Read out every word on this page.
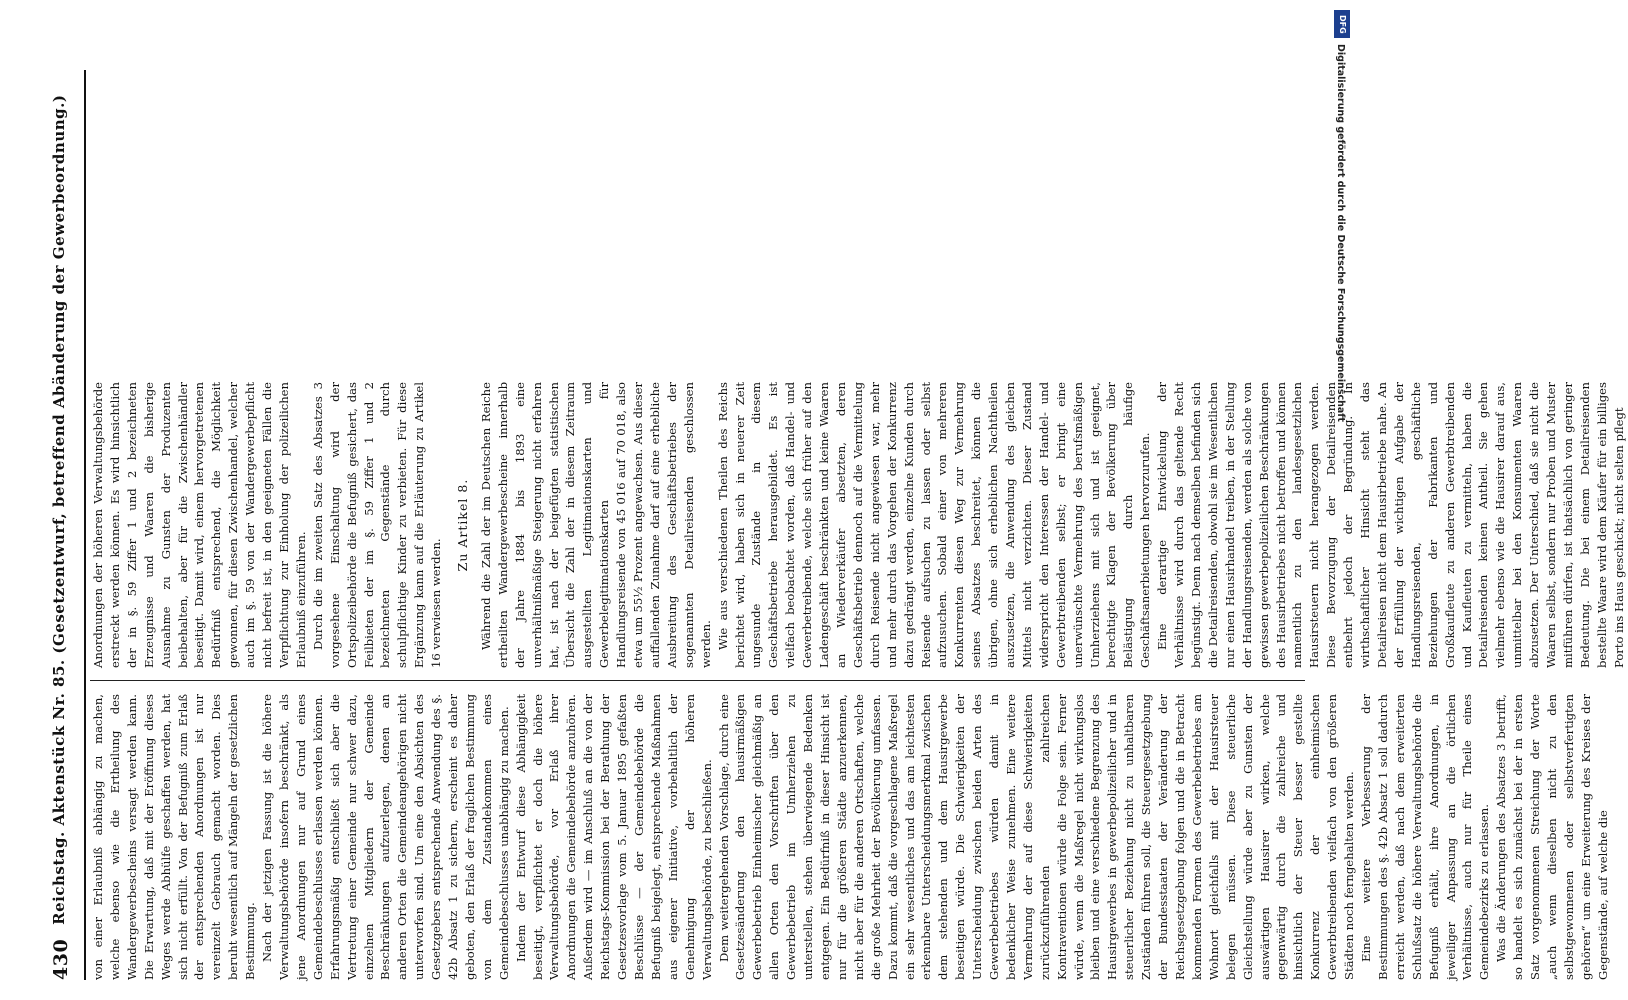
430
Reichstag. Aktenstück Nr. 85. (Gesetzentwurf, betreffend Abänderung der Gewerbeordnung.) von einer Erlaubniß abhängig zu machen, welche ebenso wie die Ertheilung des Wandergewerbescheins versagt werden kann. Die Erwartung, daß mit der Eröffnung dieses Weges werde Abhülfe geschaffen werden, hat sich nicht erfüllt. Von der Befugniß zum Erlaß der entsprechenden Anordnungen ist nur vereinzelt Gebrauch gemacht worden. Dies beruht wesentlich auf Mängeln der gesetzlichen Bestimmung. Nach der jetzigen Fassung ist die höhere Verwaltungsbehörde insofern beschränkt, als jene Anordnungen nur auf Grund eines Gemeindebeschlusses erlassen werden können. Erfahrungsmäßig entschließt sich aber die Vertretung einer Gemeinde nur schwer dazu, einzelnen Mitgliedern der Gemeinde Beschränkungen aufzuerlegen, denen an anderen Orten die Gemeindeangehörigen nicht unterworfen sind. Um eine den Absichten des Gesetzgebers entsprechende Anwendung des §. 42b Absatz 1 zu sichern, erscheint es daher geboten, den Erlaß der fraglichen Bestimmung von dem Zustandekommen eines Gemeindebeschlusses unabhängig zu machen. Indem der Entwurf diese Abhängigkeit beseitigt, verpflichtet er doch die höhere Verwaltungsbehörde, vor Erlaß ihrer Anordnungen die Gemeindebehörde anzuhören. Außerdem wird — im Anschluß an die von der Reichstags-Kommission bei der Berathung der Gesetzesvorlage vom 5. Januar 1895 gefaßten Beschlüsse — der Gemeindebehörde die Befugniß beigelegt, entsprechende Maßnahmen aus eigener Initiative, vorbehaltlich der Genehmigung der höheren Verwaltungsbehörde, zu beschließen. Dem weitergehenden Vorschlage, durch eine Gesetzesänderung den hausirmäßigen Gewerbebetrieb Einheimischer gleichmäßig an allen Orten den Vorschriften über den Gewerbebetrieb im Umherziehen zu unterstellen, stehen überwiegende Bedenken entgegen. Ein Bedürfniß in dieser Hinsicht ist nur für die größeren Städte anzuerkennen, nicht aber für die anderen Ortschaften, welche die große Mehrheit der Bevölkerung umfassen. Dazu kommt, daß die vorgeschlagene Maßregel ein sehr wesentliches und das am leichtesten erkennbare Unterscheidungsmerkmal zwischen dem stehenden und dem Hausirgewerbe beseitigen würde. Die Schwierigkeiten der Unterscheidung zwischen beiden Arten des Gewerbebetriebes würden damit in bedenklicher Weise zunehmen. Eine weitere Vermehrung der auf diese Schwierigkeiten zurückzuführenden zahlreichen Kontraventionen würde die Folge sein. Ferner würde, wenn die Maßregel nicht wirkungslos bleiben und eine verschiedene Begrenzung des Hausirgewerbes in gewerbepolizeilicher und in steuerlicher Beziehung nicht zu unhaltbaren Zuständen führen soll, die Steuergesetzgebung der Bundesstaaten der Veränderung der Reichsgesetzgebung folgen und die in Betracht kommenden Formen des Gewerbebetriebes am Wohnort gleichfalls mit der Hausirsteuer belegen müssen. Diese steuerliche Gleichstellung würde aber zu Gunsten der auswärtigen Hausirer wirken, welche gegenwärtig durch die zahlreiche und hinsichtlich der Steuer besser gestellte Konkurrenz der einheimischen Gewerbtreibenden vielfach von den größeren Städten noch ferngehalten werden. Eine weitere Verbesserung der Bestimmungen des §. 42b Absatz 1 soll dadurch erreicht werden, daß nach dem erweiterten Schlußsatz die höhere Verwaltungsbehörde die Befugniß erhält, ihre Anordnungen, in jeweiliger Anpassung an die örtlichen Verhältnisse, auch nur für Theile eines Gemeindebezirks zu erlassen. Was die Änderungen des Absatzes 3 betrifft, so handelt es sich zunächst bei der in ersten Satz vorgenommenen Streichung der Worte „auch wenn dieselben nicht zu den selbstgewonnenen oder selbstverfertigten gehören“ um eine Erweiterung des Kreises der Gegenstände, auf welche die

Anordnungen der höheren Verwaltungsbehörde erstreckt werden können. Es wird hinsichtlich der in §. 59 Ziffer 1 und 2 bezeichneten Erzeugnisse und Waaren die bisherige Ausnahme zu Gunsten der Produzenten beibehalten, aber für die Zwischenhändler beseitigt. Damit wird, einem hervorgetretenen Bedürfniß entsprechend, die Möglichkeit gewonnen, für diesen Zwischenhandel, welcher auch im §. 59 von der Wandergewerbepflicht nicht befreit ist, in den geeigneten Fällen die Verpflichtung zur Einholung der polizeilichen Erlaubniß einzuführen. Durch die im zweiten Satz des Absatzes 3 vorgesehene Einschaltung wird der Ortspolizeibehörde die Befugniß gesichert, das Feilbieten der im §. 59 Ziffer 1 und 2 bezeichneten Gegenstände durch schulpflichtige Kinder zu verbieten. Für diese Ergänzung kann auf die Erläuterung zu Artikel 16 verwiesen werden.

Zu Artikel 8. Während die Zahl der im Deutschen Reiche ertheilten Wandergewerbescheine innerhalb der Jahre 1884 bis 1893 eine unverhältnißmäßige Steigerung nicht erfahren hat, ist nach der beigefügten statistischen Übersicht die Zahl der in diesem Zeitraum ausgestellten Legitimationskarten und Gewerbelegitimationskarten für Handlungsreisende von 45 016 auf 70 018, also etwa um 55½ Prozent angewachsen. Aus dieser auffallenden Zunahme darf auf eine erhebliche Ausbreitung des Geschäftsbetriebes der sogenannten Detailreisenden geschlossen werden. Wie aus verschiedenen Theilen des Reichs berichtet wird, haben sich in neuerer Zeit ungesunde Zustände in diesem Geschäftsbetriebe herausgebildet. Es ist vielfach beobachtet worden, daß Handel- und Gewerbetreibende, welche sich früher auf den Ladengeschäft beschränkten und keine Waaren an Wiederverkäufer absetzten, deren Geschäftsbetrieb dennoch auf die Vermittelung durch Reisende nicht angewiesen war, mehr und mehr durch das Vorgehen der Konkurrenz dazu gedrängt werden, einzelne Kunden durch Reisende aufsuchen zu lassen oder selbst aufzusuchen. Sobald einer von mehreren Konkurrenten diesen Weg zur Vermehrung seines Absatzes beschreitet, können die übrigen, ohne sich erheblichen Nachtheilen auszusetzen, die Anwendung des gleichen Mittels nicht verzichten. Dieser Zustand widerspricht den Interessen der Handel- und Gewerbtreibenden selbst; er bringt eine unerwünschte Vermehrung des berufsmäßigen Umherziehens mit sich und ist geeignet, berechtigte Klagen der Bevölkerung über Belästigung durch häufige Geschäftsanerbietungen hervorzurufen. Eine derartige Entwickelung der Verhältnisse wird durch das geltende Recht begünstigt. Denn nach demselben befinden sich die Detailreisenden, obwohl sie im Wesentlichen nur einen Hausirhandel treiben, in der Stellung der Handlungsreisenden, werden als solche von gewissen gewerbepolizeilichen Beschränkungen des Hausirbetriebes nicht betroffen und können namentlich zu den landesgesetzlichen Hausirsteuern nicht herangezogen werden. Diese Bevorzugung der Detailreisenden entbehrt jedoch der Begründung. In wirthschaftlicher Hinsicht steht das Detailreisen nicht dem Hausirbetriebe nahe. An der Erfüllung der wichtigen Aufgabe der Handlungsreisenden, geschäftliche Beziehungen der Fabrikanten und Großkaufleute zu anderen Gewerbtreibenden und Kaufleuten zu vermitteln, haben die Detailreisenden keinen Antheil. Sie gehen vielmehr ebenso wie die Hausirer darauf aus, unmittelbar bei den Konsumenten Waaren abzusetzen. Der Unterschied, daß sie nicht die Waaren selbst, sondern nur Proben und Muster mitführen dürfen, ist thatsächlich von geringer Bedeutung. Die bei einem Detailreisenden bestellte Waare wird dem Käufer für ein billiges Porto ins Haus geschickt; nicht selten pflegt

DFG
Digitalisierung gefördert durch die Deutsche Forschungsgemeinschaft
